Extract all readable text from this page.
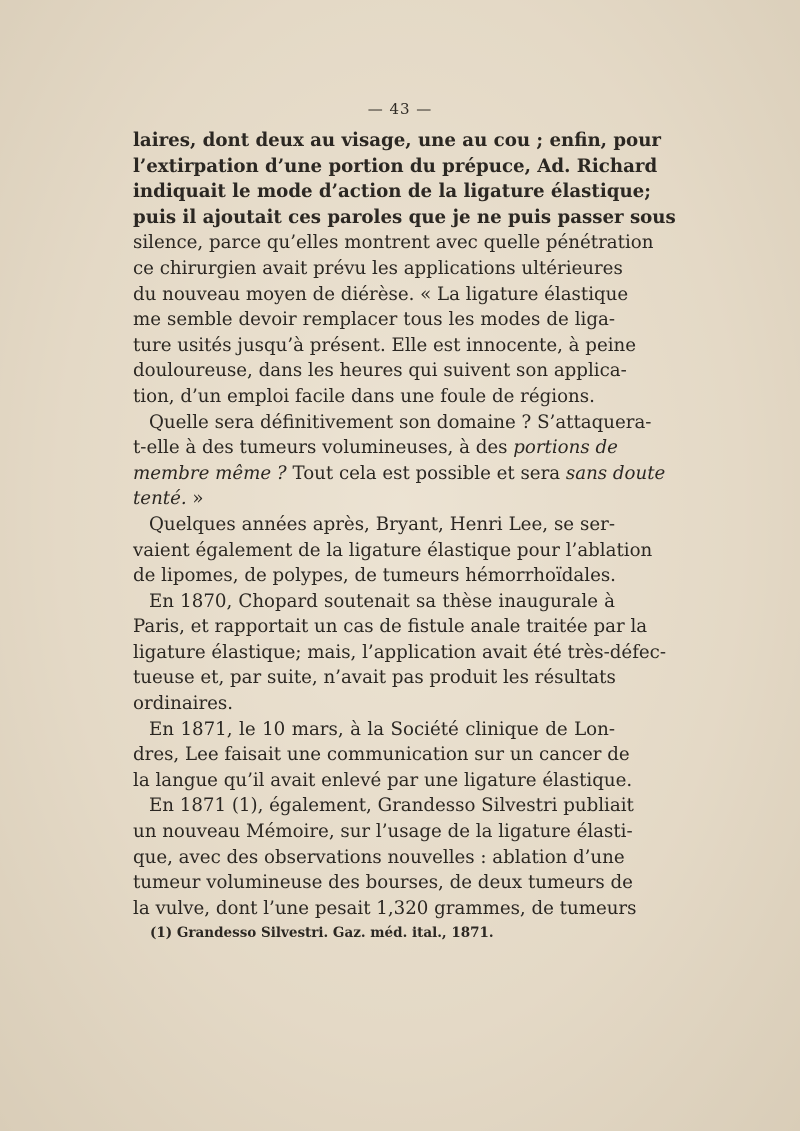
— 43 —
laires, dont deux au visage, une au cou ; enfin, pour
l’extirpation d’une portion du prépuce, Ad. Richard
indiquait le mode d’action de la ligature élastique;
puis il ajoutait ces paroles que je ne puis passer sous
silence, parce qu’elles montrent avec quelle pénétration
ce chirurgien avait prévu les applications ultérieures
du nouveau moyen de diérèse. « La ligature élastique
me semble devoir remplacer tous les modes de liga-
ture usités jusqu’à présent. Elle est innocente, à peine
douloureuse, dans les heures qui suivent son applica-
tion, d’un emploi facile dans une foule de régions.
Quelle sera définitivement son domaine ? S’attaquera-
t-elle à des tumeurs volumineuses, à des portions de
membre même ? Tout cela est possible et sera sans doute
tenté. »
Quelques années après, Bryant, Henri Lee, se ser-
vaient également de la ligature élastique pour l’ablation
de lipomes, de polypes, de tumeurs hémorrhoïdales.
En 1870, Chopard soutenait sa thèse inaugurale à
Paris, et rapportait un cas de fistule anale traitée par la
ligature élastique; mais, l’application avait été très-défec-
tueuse et, par suite, n’avait pas produit les résultats
ordinaires.
En 1871, le 10 mars, à la Société clinique de Lon-
dres, Lee faisait une communication sur un cancer de
la langue qu’il avait enlevé par une ligature élastique.
En 1871 (1), également, Grandesso Silvestri publiait
un nouveau Mémoire, sur l’usage de la ligature élasti-
que, avec des observations nouvelles : ablation d’une
tumeur volumineuse des bourses, de deux tumeurs de
la vulve, dont l’une pesait 1,320 grammes, de tumeurs
(1) Grandesso Silvestri. Gaz. méd. ital., 1871.
